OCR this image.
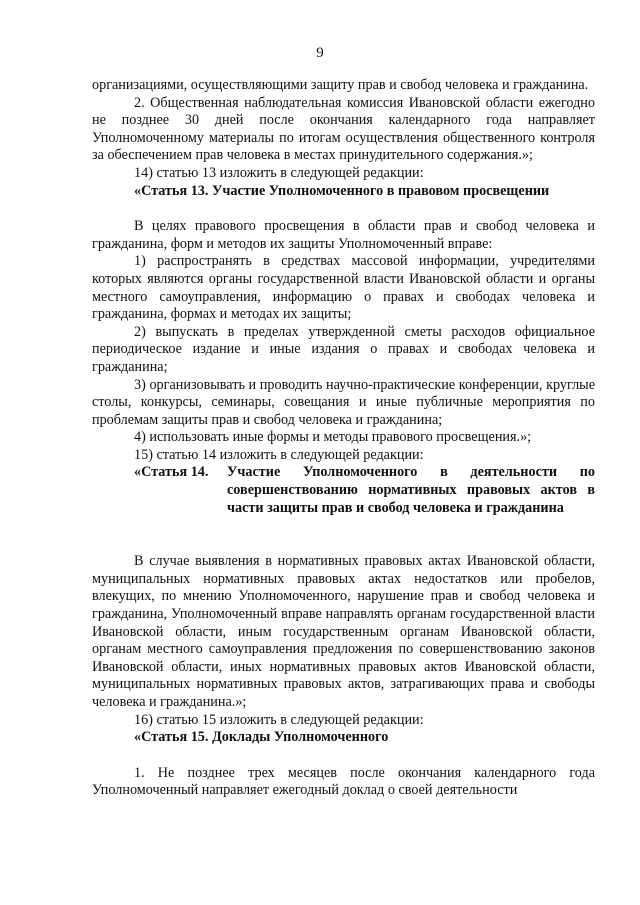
9

организациями, осуществляющими защиту прав и свобод человека и гражданина.

2. Общественная наблюдательная комиссия Ивановской области ежегодно не позднее 30 дней после окончания календарного года направляет Уполномоченному материалы по итогам осуществления общественного контроля за обеспечением прав человека в местах принудительного содержания.»;

14) статью 13 изложить в следующей редакции:

«Статья 13. Участие Уполномоченного в правовом просвещении

В целях правового просвещения в области прав и свобод человека и гражданина, форм и методов их защиты Уполномоченный вправе:

1) распространять в средствах массовой информации, учредителями которых являются органы государственной власти Ивановской области и органы местного самоуправления, информацию о правах и свободах человека и гражданина, формах и методах их защиты;

2) выпускать в пределах утвержденной сметы расходов официальное периодическое издание и иные издания о правах и свободах человека и гражданина;

3) организовывать и проводить научно-практические конференции, круглые столы, конкурсы, семинары, совещания и иные публичные мероприятия по проблемам защиты прав и свобод человека и гражданина;

4) использовать иные формы и методы правового просвещения.»;

15) статью 14 изложить в следующей редакции:

«Статья 14.	Участие Уполномоченного в деятельности по совершенствованию нормативных правовых актов в части защиты прав и свобод человека и гражданина

В случае выявления в нормативных правовых актах Ивановской области, муниципальных нормативных правовых актах недостатков или пробелов, влекущих, по мнению Уполномоченного, нарушение прав и свобод человека и гражданина, Уполномоченный вправе направлять органам государственной власти Ивановской области, иным государственным органам Ивановской области, органам местного самоуправления предложения по совершенствованию законов Ивановской области, иных нормативных правовых актов Ивановской области, муниципальных нормативных правовых актов, затрагивающих права и свободы человека и гражданина.»;

16) статью 15 изложить в следующей редакции:

«Статья 15. Доклады Уполномоченного

1. Не позднее трех месяцев после окончания календарного года Уполномоченный направляет ежегодный доклад о своей деятельности
